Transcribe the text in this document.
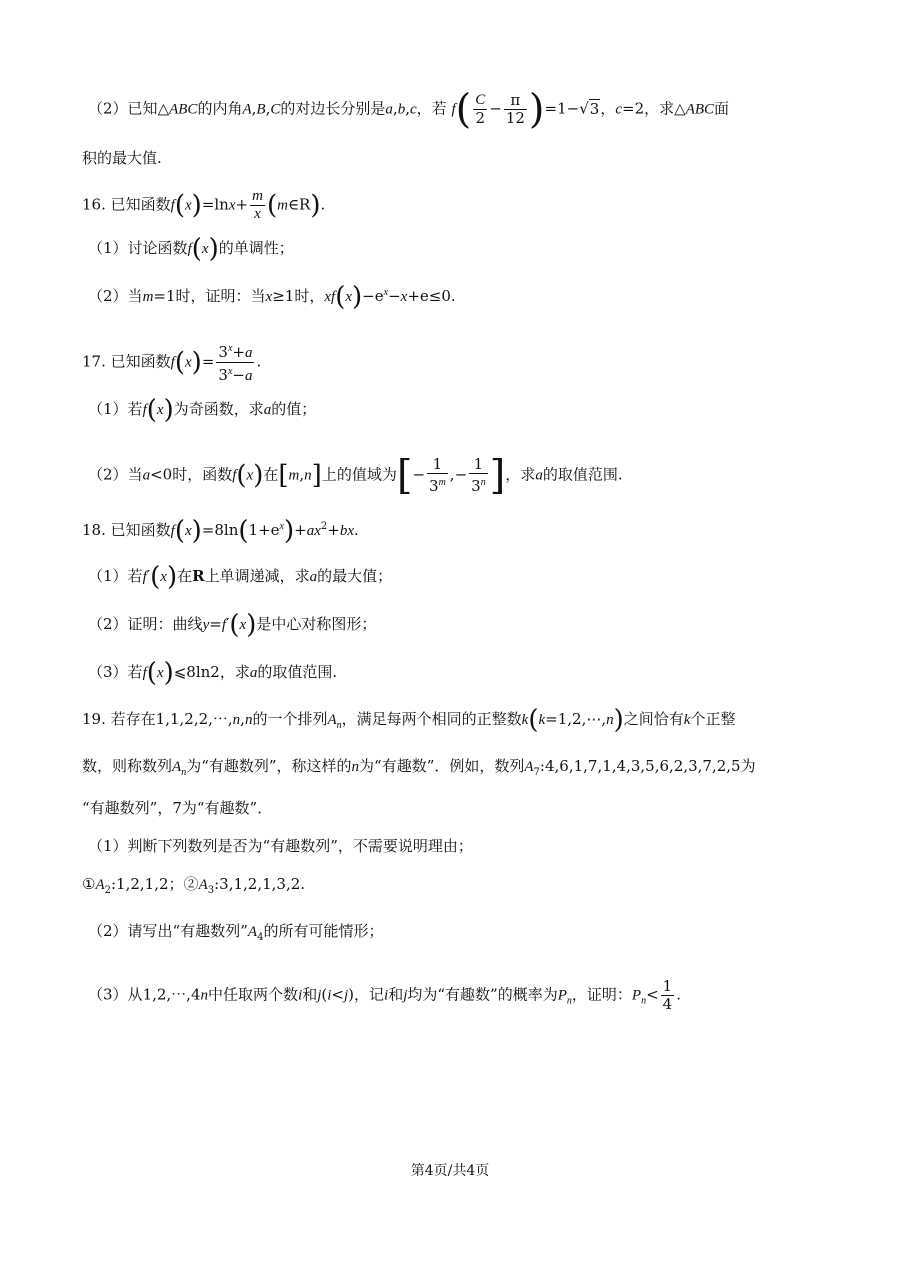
（2）已知△ABC的内角A,B,C的对边长分别是a,b,c，若 $f( \frac{C}{2} - \frac{\pi}{12} )=1-√3$，c=2，求△ABC面
积的最大值.
16. 已知函数$f(x)=\ln x+ \frac{m}{x}$ (m∈R).
（1）讨论函数f(x)的单调性；
（2）当m=1时，证明：当x≥1时，$xf(x)-e^x-x+e\le 0$.
17. 已知函数$f(x)= \frac{3^x+a}{3^x-a}$ .
（1）若f(x)为奇函数，求a的值；
（2）当a<0时，函数f(x)在[m,n]上的值域为[− $\frac{1}{3^m}$ ,− $\frac{1}{3^n}$ ]，求a的取值范围.
18. 已知函数$f(x)=8\ln(1+e^x)+ax^2+bx$.
（1）若f′(x)在R上单调递减，求a的最大值；
（2）证明：曲线y=f′(x)是中心对称图形；
（3）若f(x)⩽8ln2，求a的取值范围.
19. 若存在1,1,2,2,⋯,n,n的一个排列$A_n$，满足每两个相同的正整数k(k=1,2,⋯,n)之间恰有k个正整
数，则称数列$A_n$为“有趣数列”，称这样的n为“有趣数”．例如，数列$A_7:4,6,1,7,1,4,3,5,6,2,3,7,2,5$为
“有趣数列”，7为“有趣数”．
（1）判断下列数列是否为“有趣数列”，不需要说明理由；
$①A_2:1,2,1,2$；$②A_3:3,1,2,1,3,2$.
（2）请写出“有趣数列$”A_4$的所有可能情形；
（3）从1,2,⋯,4n中任取两个数i和j(i<j)，记i和j均为“有趣数”的概率为$P_n$，证明：$P_n< \frac{1}{4}$ .
第4页/共4页
